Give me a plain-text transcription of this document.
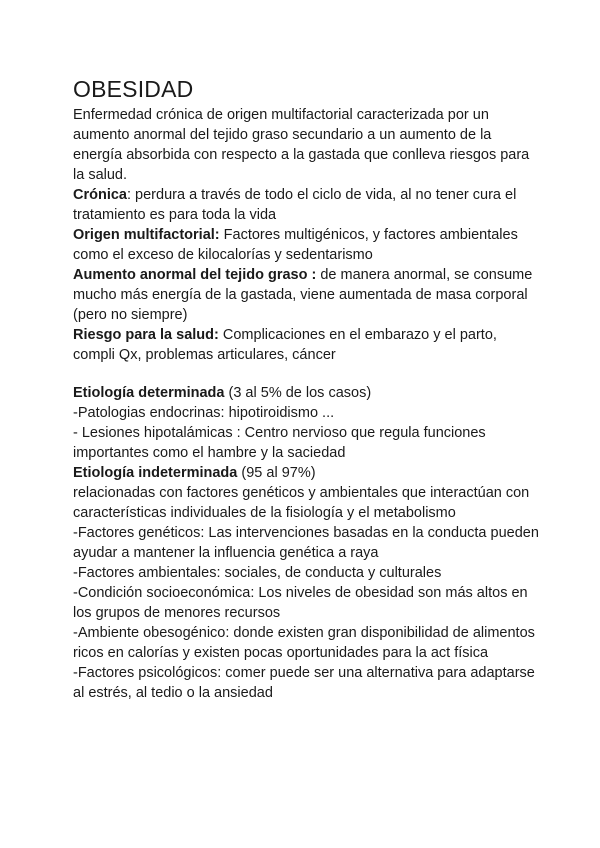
OBESIDAD

Enfermedad crónica de origen multifactorial caracterizada por un aumento anormal del tejido graso secundario a un aumento de la energía absorbida con respecto a la gastada que conlleva riesgos para la salud.

Crónica: perdura a través de todo el ciclo de vida, al no tener cura el tratamiento es para toda la vida

Origen multifactorial: Factores multigénicos, y factores ambientales como el exceso de kilocalorías y sedentarismo

Aumento anormal del tejido graso : de manera anormal, se consume mucho más energía de la gastada, viene aumentada de masa corporal (pero no siempre)

Riesgo para la salud: Complicaciones en el embarazo y el parto, compli Qx, problemas articulares, cáncer

Etiología determinada (3 al 5% de los casos)

-Patologias endocrinas: hipotiroidismo ...

- Lesiones hipotalámicas : Centro nervioso que regula funciones importantes como el hambre y la saciedad

Etiología indeterminada (95 al 97%)

relacionadas con factores genéticos y ambientales que interactúan con características individuales de la fisiología y el metabolismo

-Factores genéticos: Las intervenciones basadas en la conducta pueden ayudar a mantener la influencia genética a raya

-Factores ambientales: sociales, de conducta y culturales

-Condición socioeconómica: Los niveles de obesidad son más altos en los grupos de menores recursos

-Ambiente obesogénico: donde existen gran disponibilidad de alimentos ricos en calorías y existen pocas oportunidades para la act física

-Factores psicológicos: comer puede ser una alternativa para adaptarse al estrés, al tedio o la ansiedad
